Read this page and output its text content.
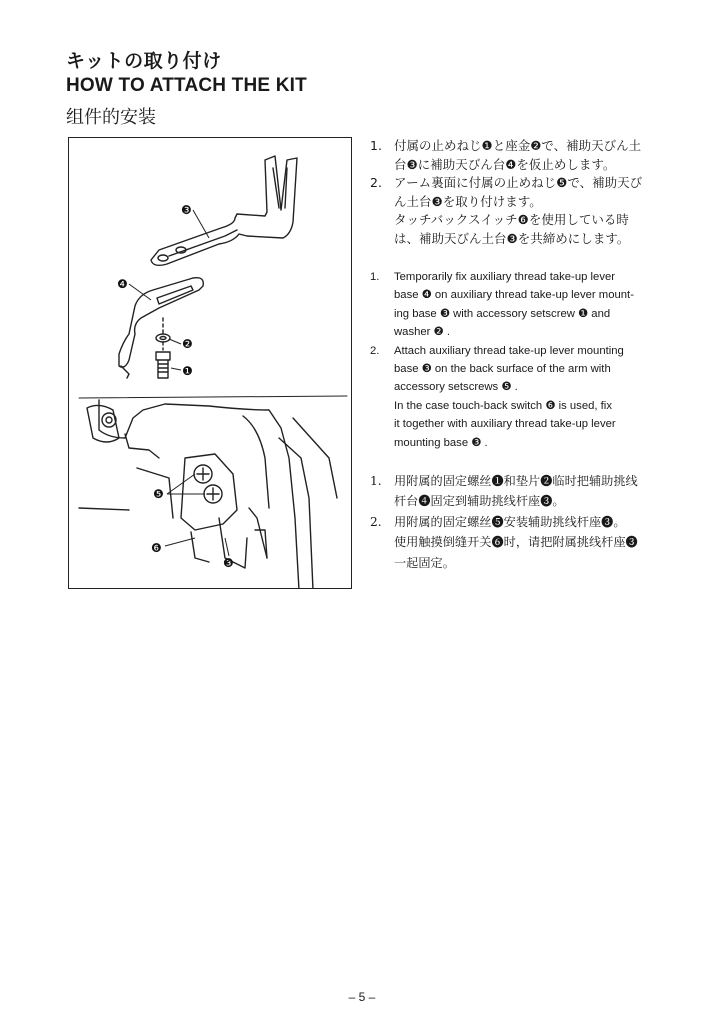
キットの取り付け
HOW TO ATTACH THE KIT
组件的安装
❸
❹
❷
❶
❺
❻
❸
1. 付属の止めねじ❶と座金❷で、補助天びん土
台❸に補助天びん台❹を仮止めします。
2. アーム裏面に付属の止めねじ❺で、補助天び
ん土台❸を取り付けます。
タッチバックスイッチ❻を使用している時
は、補助天びん土台❸を共締めにします。
1. Temporarily fix auxiliary thread take-up lever
base ❹ on auxiliary thread take-up lever mount-
ing base ❸ with accessory setscrew ❶ and
washer ❷ .
2. Attach auxiliary thread take-up lever mounting
base ❸ on the back surface of the arm with
accessory setscrews ❺ .
In the case touch-back switch ❻ is used, fix
it together with auxiliary thread take-up lever
mounting base ❸ .
1. 用附属的固定螺丝❶和垫片❷临时把辅助挑线
杆台❹固定到辅助挑线杆座❸。
2. 用附属的固定螺丝❺安装辅助挑线杆座❸。
使用触摸倒缝开关❻时，请把附属挑线杆座❸
一起固定。
– 5 –
